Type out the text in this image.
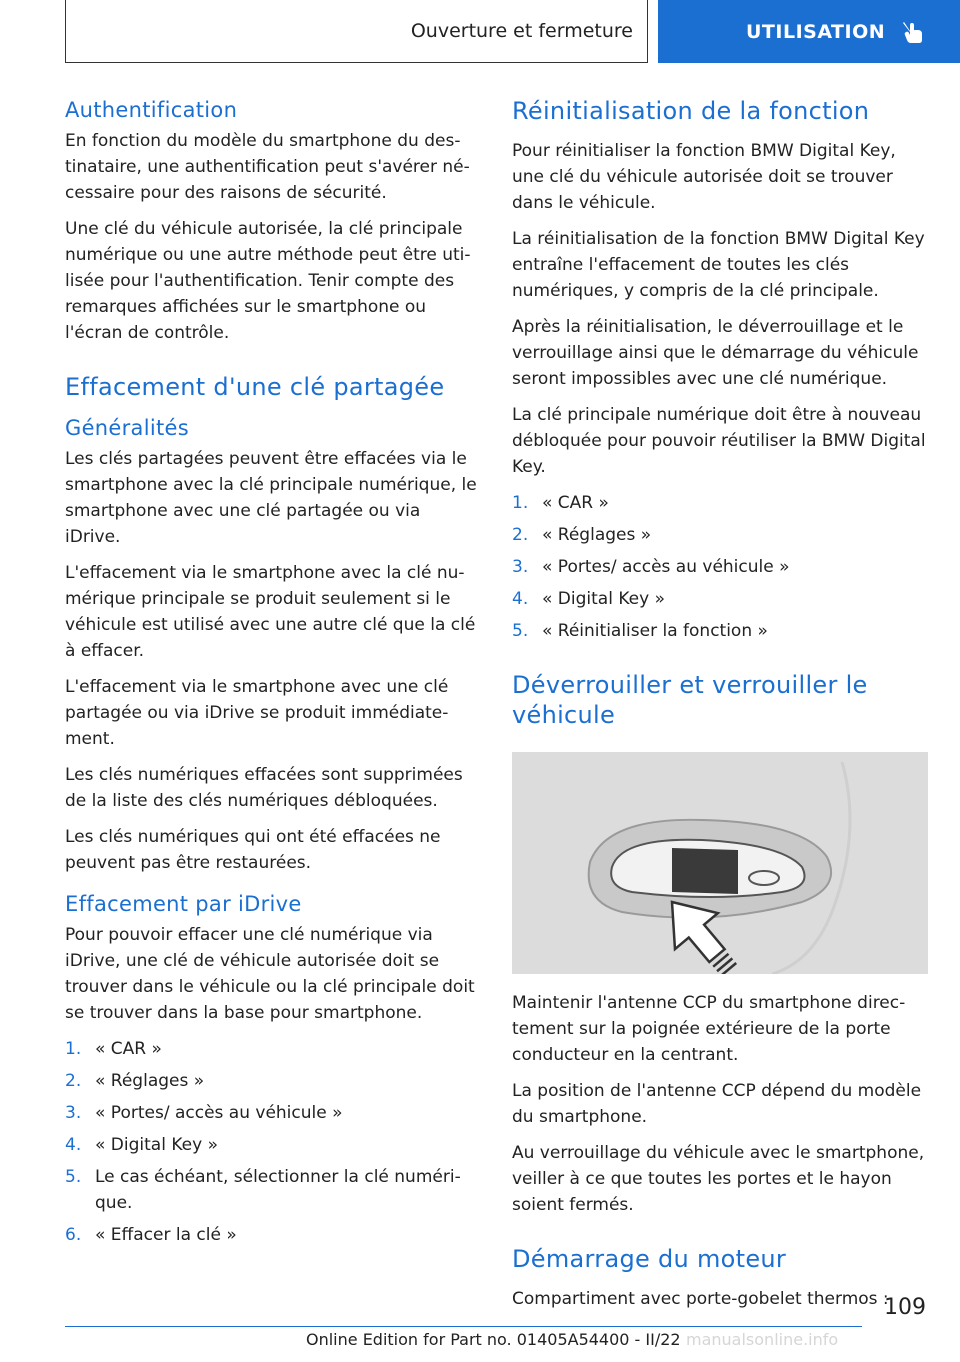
Ouverture et fermeture	UTILISATION
Authentification

En fonction du modèle du smartphone du destinataire, une authentification peut s'avérer nécessaire pour des raisons de sécurité.

Une clé du véhicule autorisée, la clé principale numérique ou une autre méthode peut être utilisée pour l'authentification. Tenir compte des remarques affichées sur le smartphone ou l'écran de contrôle.

Effacement d'une clé partagée
Généralités

Les clés partagées peuvent être effacées via le smartphone avec la clé principale numérique, le smartphone avec une clé partagée ou via iDrive.

L'effacement via le smartphone avec la clé numérique principale se produit seulement si le véhicule est utilisé avec une autre clé que la clé à effacer.

L'effacement via le smartphone avec une clé partagée ou via iDrive se produit immédiatement.

Les clés numériques effacées sont supprimées de la liste des clés numériques débloquées.

Les clés numériques qui ont été effacées ne peuvent pas être restaurées.

Effacement par iDrive

Pour pouvoir effacer une clé numérique via iDrive, une clé de véhicule autorisée doit se trouver dans le véhicule ou la clé principale doit se trouver dans la base pour smartphone.

1. « CAR »
2. « Réglages »
3. « Portes/ accès au véhicule »
4. « Digital Key »
5. Le cas échéant, sélectionner la clé numérique.
6. « Effacer la clé »
Réinitialisation de la fonction

Pour réinitialiser la fonction BMW Digital Key, une clé du véhicule autorisée doit se trouver dans le véhicule.

La réinitialisation de la fonction BMW Digital Key entraîne l'effacement de toutes les clés numériques, y compris de la clé principale.

Après la réinitialisation, le déverrouillage et le verrouillage ainsi que le démarrage du véhicule seront impossibles avec une clé numérique.

La clé principale numérique doit être à nouveau débloquée pour pouvoir réutiliser la BMW Digital Key.

1. « CAR »
2. « Réglages »
3. « Portes/ accès au véhicule »
4. « Digital Key »
5. « Réinitialiser la fonction »
Déverrouiller et verrouiller le véhicule

Maintenir l'antenne CCP du smartphone directement sur la poignée extérieure de la porte conducteur en la centrant.

La position de l'antenne CCP dépend du modèle du smartphone.

Au verrouillage du véhicule avec le smartphone, veiller à ce que toutes les portes et le hayon soient fermés.

Démarrage du moteur

Compartiment avec porte-gobelet thermos :

109
Online Edition for Part no. 01405A54400 - II/22 manualsonline.info
